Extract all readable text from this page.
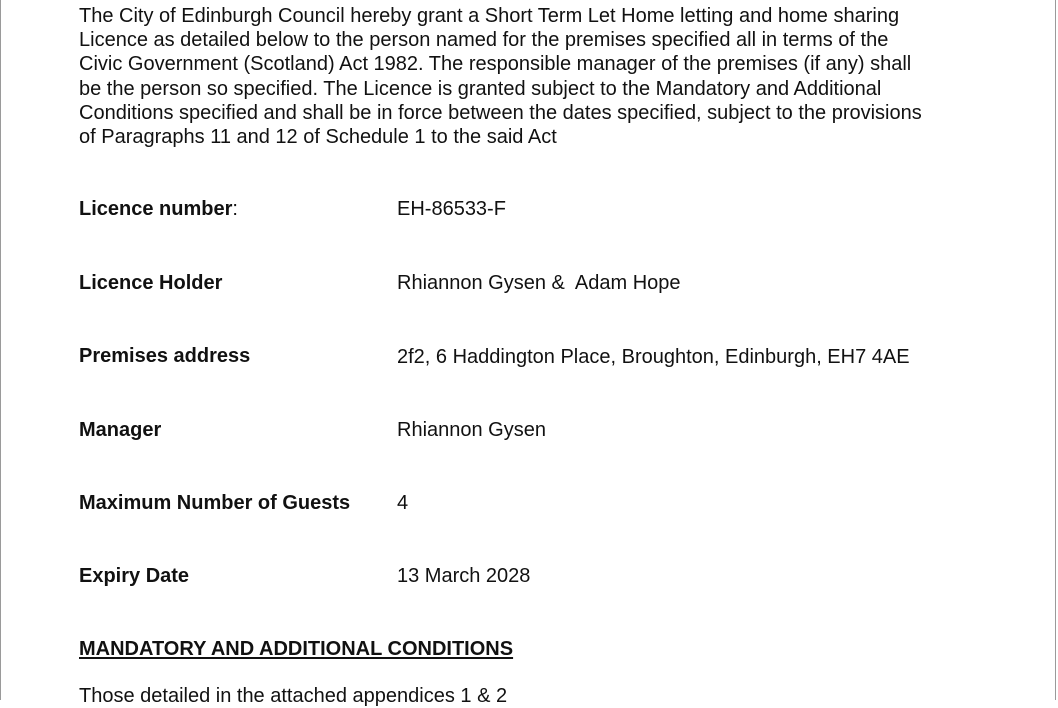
The City of Edinburgh Council hereby grant a Short Term Let Home letting and home sharing
Licence as detailed below to the person named for the premises specified all in terms of the
Civic Government (Scotland) Act 1982. The responsible manager of the premises (if any) shall
be the person so specified. The Licence is granted subject to the Mandatory and Additional
Conditions specified and shall be in force between the dates specified, subject to the provisions
of Paragraphs 11 and 12 of Schedule 1 to the said Act

Licence number:	EH-86533-F
Licence Holder	Rhiannon Gysen &  Adam Hope
Premises address	2f2, 6 Haddington Place, Broughton, Edinburgh, EH7 4AE
Manager	Rhiannon Gysen
Maximum Number of Guests 4
Expiry Date	13 March 2028
MANDATORY AND ADDITIONAL CONDITIONS
Those detailed in the attached appendices 1 & 2
